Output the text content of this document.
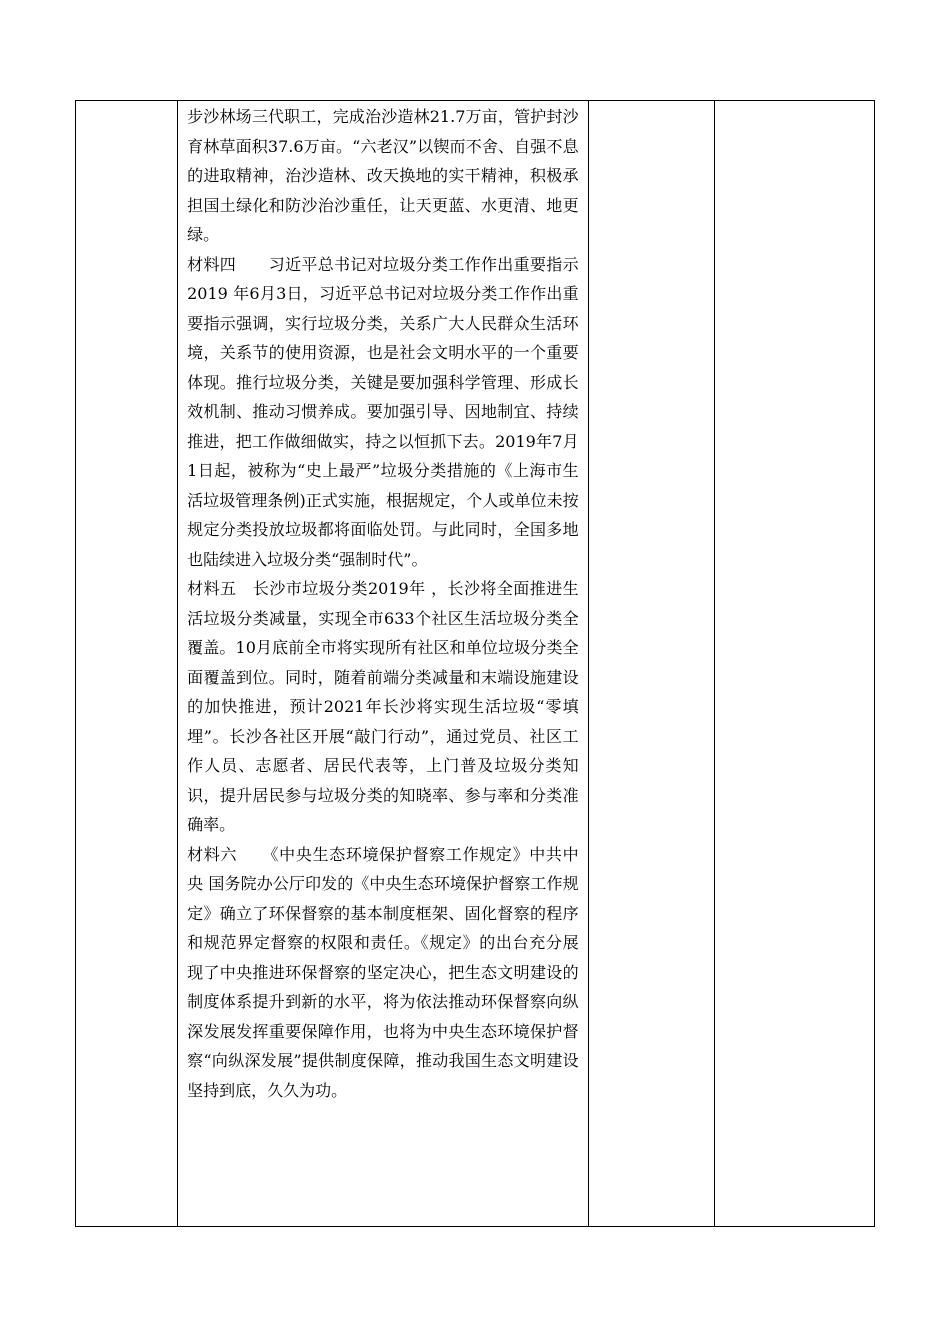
步沙林场三代职工，完成治沙造林21.7万亩，管护封沙育林草面积37.6万亩。“六老汉”以锲而不舍、自强不息的进取精神，治沙造林、改天换地的实干精神，积极承担国土绿化和防沙治沙重任，让天更蓝、水更清、地更绿。

材料四　　习近平总书记对垃圾分类工作作出重要指示2019 年6月3日，习近平总书记对垃圾分类工作作出重要指示强调，实行垃圾分类，关系广大人民群众生活环境，关系节的使用资源，也是社会文明水平的一个重要体现。推行垃圾分类，关键是要加强科学管理、形成长效机制、推动习惯养成。要加强引导、因地制宜、持续推进，把工作做细做实，持之以恒抓下去。2019年7月1日起，被称为“史上最严”垃圾分类措施的《上海市生活垃圾管理条例)正式实施，根据规定，个人或单位未按规定分类投放垃圾都将面临处罚。与此同时，全国多地也陆续进入垃圾分类“强制时代”。

材料五　长沙市垃圾分类2019年 ，长沙将全面推进生活垃圾分类减量，实现全市633个社区生活垃圾分类全覆盖。10月底前全市将实现所有社区和单位垃圾分类全面覆盖到位。同时，随着前端分类减量和末端设施建设的加快推进，预计2021年长沙将实现生活垃圾“零填埋”。长沙各社区开展“敲门行动”，通过党员、社区工作人员、志愿者、居民代表等，上门普及垃圾分类知识，提升居民参与垃圾分类的知晓率、参与率和分类准确率。

材料六　　《中央生态环境保护督察工作规定》中共中央 国务院办公厅印发的《中央生态环境保护督察工作规定》确立了环保督察的基本制度框架、固化督察的程序和规范界定督察的权限和责任。《规定》的出台充分展现了中央推进环保督察的坚定决心，把生态文明建设的制度体系提升到新的水平，将为依法推动环保督察向纵深发展发挥重要保障作用，也将为中央生态环境保护督察“向纵深发展”提供制度保障，推动我国生态文明建设坚持到底，久久为功。
